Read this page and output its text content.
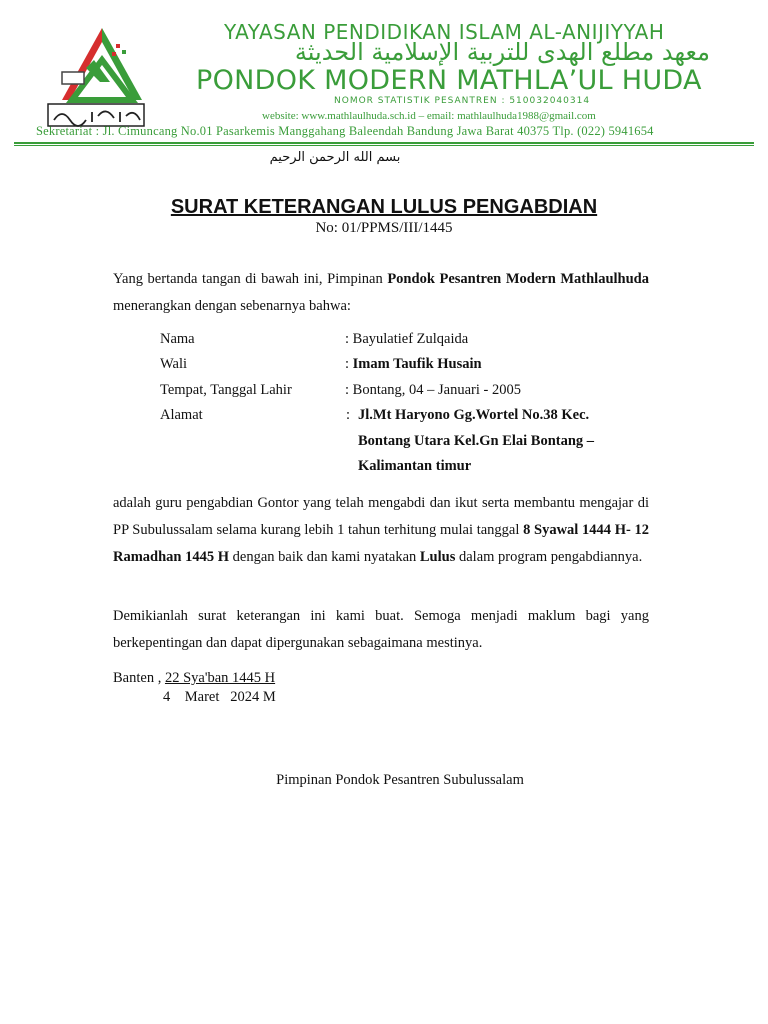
YAYASAN PENDIDIKAN ISLAM AL-ANIJIYYAH
معهد مطلع الهدى للتربية الإسلامية الحديثة
PONDOK MODERN MATHLA’UL HUDA
NOMOR STATISTIK PESANTREN : 510032040314
website: www.mathlaulhuda.sch.id – email: mathlaulhuda1988@gmail.com
Sekretariat : Jl. Cimuncang No.01 Pasarkemis Manggahang Baleendah Bandung Jawa Barat 40375 Tlp. (022) 5941654
بسم الله الرحمن الرحيم
SURAT KETERANGAN LULUS PENGABDIAN
No: 01/PPMS/III/1445
Yang bertanda tangan di bawah ini, Pimpinan Pondok Pesantren Modern Mathlaulhuda menerangkan dengan sebenarnya bahwa:
Nama	: Bayulatief Zulqaida
Wali	: Imam Taufik Husain
Tempat, Tanggal Lahir	: Bontang, 04 – Januari - 2005
Alamat	: Jl.Mt Haryono Gg.Wortel No.38 Kec.
Bontang Utara Kel.Gn Elai Bontang –
Kalimantan timur
adalah guru pengabdian Gontor yang telah mengabdi dan ikut serta membantu mengajar di PP Subulussalam selama kurang lebih 1 tahun terhitung mulai tanggal 8 Syawal 1444 H- 12 Ramadhan 1445 H dengan baik dan kami nyatakan Lulus dalam program pengabdiannya.
Demikianlah surat keterangan ini kami buat. Semoga menjadi maklum bagi yang berkepentingan dan dapat dipergunakan sebagaimana mestinya.
Banten , 22 Sya'ban 1445 H
4    Maret   2024 M
Pimpinan Pondok Pesantren Subulussalam
